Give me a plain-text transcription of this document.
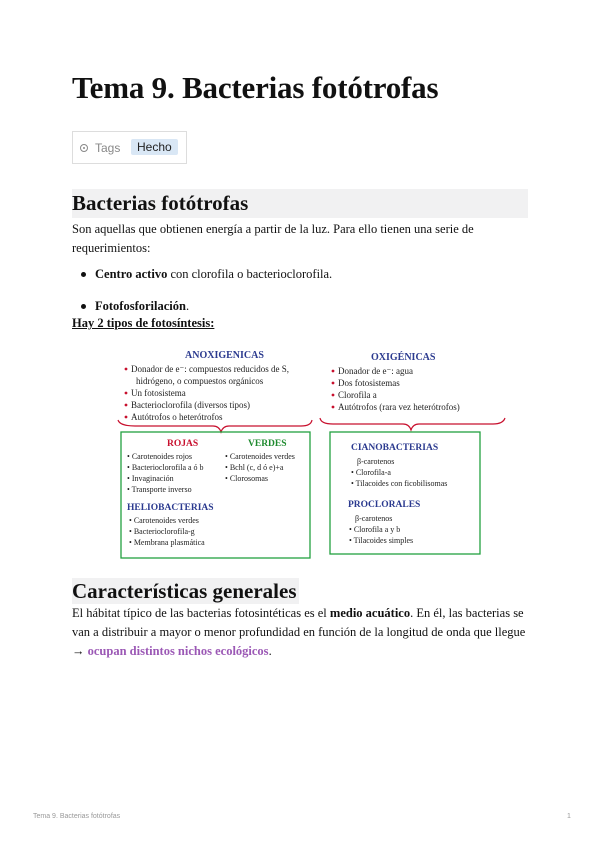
Tema 9. Bacterias fotótrofas
Tags	Hecho
Bacterias fotótrofas

Son aquellas que obtienen energía a partir de la luz. Para ello tienen una serie de requerimientos:

Centro activo con clorofila o bacterioclorofila.
Fotofosforilación.

Hay 2 tipos de fotosíntesis:

ANOXIGENICAS
Donador de e⁻: compuestos reducidos de S,
hidrógeno, o compuestos orgánicos
Un fotosistema
Bacterioclorofila (diversos tipos)
Autótrofos o heterótrofos
OXIGÉNICAS
Donador de e⁻: agua
Dos fotosistemas
Clorofila a
Autótrofos (rara vez heterótrofos)
ROJAS	VERDES
• Carotenoides rojos
• Bacterioclorofila a ó b
• Invaginación
• Transporte inverso
• Carotenoides verdes
• Bchl (c, d ó e)+a
• Clorosomas
HELIOBACTERIAS
• Carotenoides verdes
• Bacterioclorofila-g
• Membrana plasmática
CIANOBACTERIAS
β-carotenos
• Clorofila-a
• Tilacoides con ficobilisomas
PROCLORALES
β-carotenos
• Clorofila a y b
• Tilacoides simples
Características generales

El hábitat típico de las bacterias fotosintéticas es el medio acuático. En él, las bacterias se van a distribuir a mayor o menor profundidad en función de la longitud de onda que llegue → ocupan distintos nichos ecológicos.

Tema 9. Bacterias fotótrofas	1
